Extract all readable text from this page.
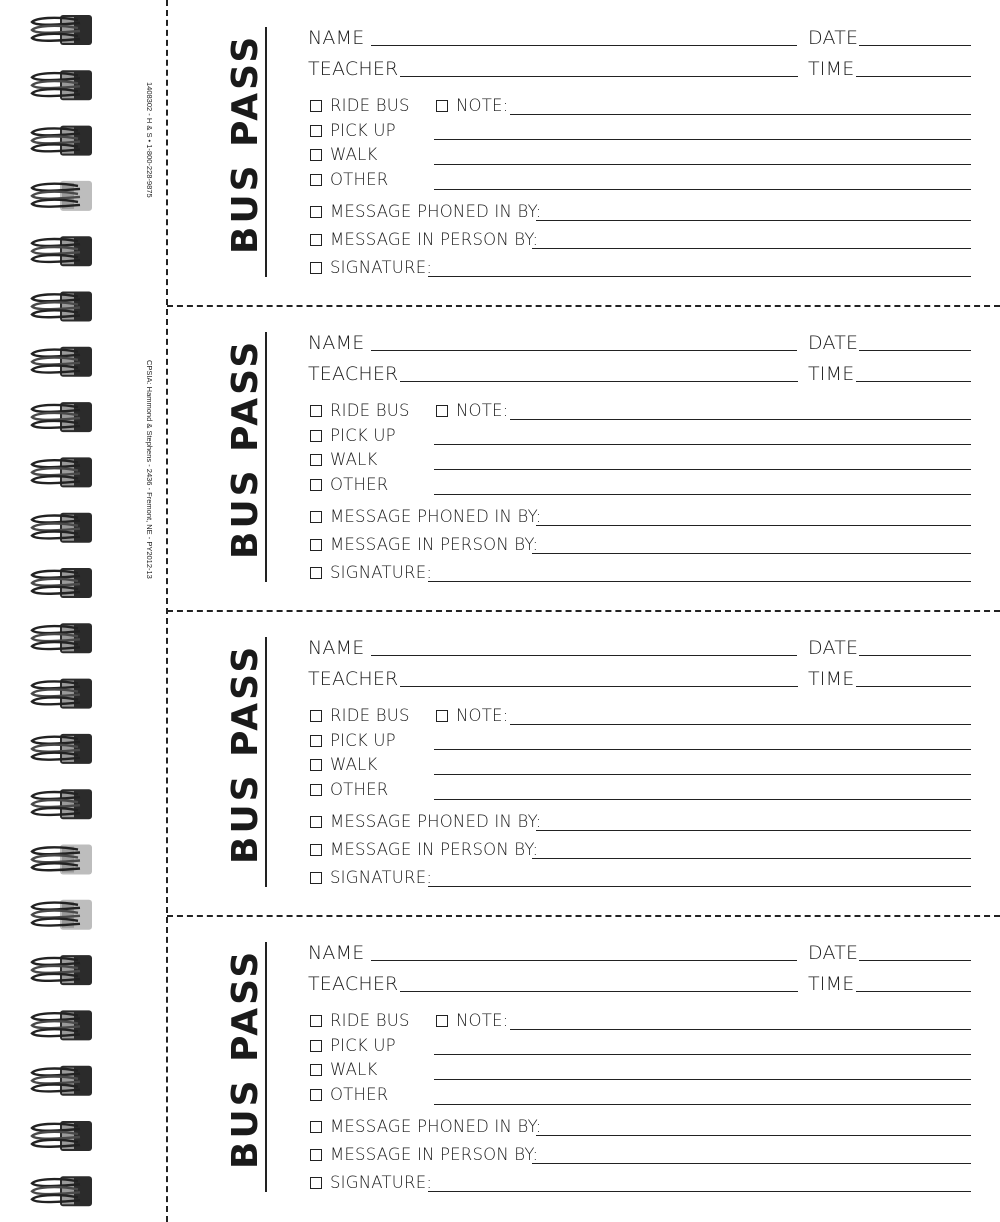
1408302 - H & S • 1-800-228-9875
CPSIA: Hammond & Stephens - 2436 - Fremont, NE - PY2012-13
BUS PASS NAME	DATE
TEACHER	TIME
RIDE BUS
PICK UP
WALK
OTHER
NOTE:
MESSAGE PHONED IN BY:
MESSAGE IN PERSON BY:
SIGNATURE:
BUS PASS NAME	DATE
TEACHER	TIME
RIDE BUS
PICK UP
WALK
OTHER
NOTE:
MESSAGE PHONED IN BY:
MESSAGE IN PERSON BY:
SIGNATURE:
BUS PASS NAME	DATE
TEACHER	TIME
RIDE BUS
PICK UP
WALK
OTHER
NOTE:
MESSAGE PHONED IN BY:
MESSAGE IN PERSON BY:
SIGNATURE:
BUS PASS NAME	DATE
TEACHER	TIME
RIDE BUS
PICK UP
WALK
OTHER
NOTE:
MESSAGE PHONED IN BY:
MESSAGE IN PERSON BY:
SIGNATURE:
